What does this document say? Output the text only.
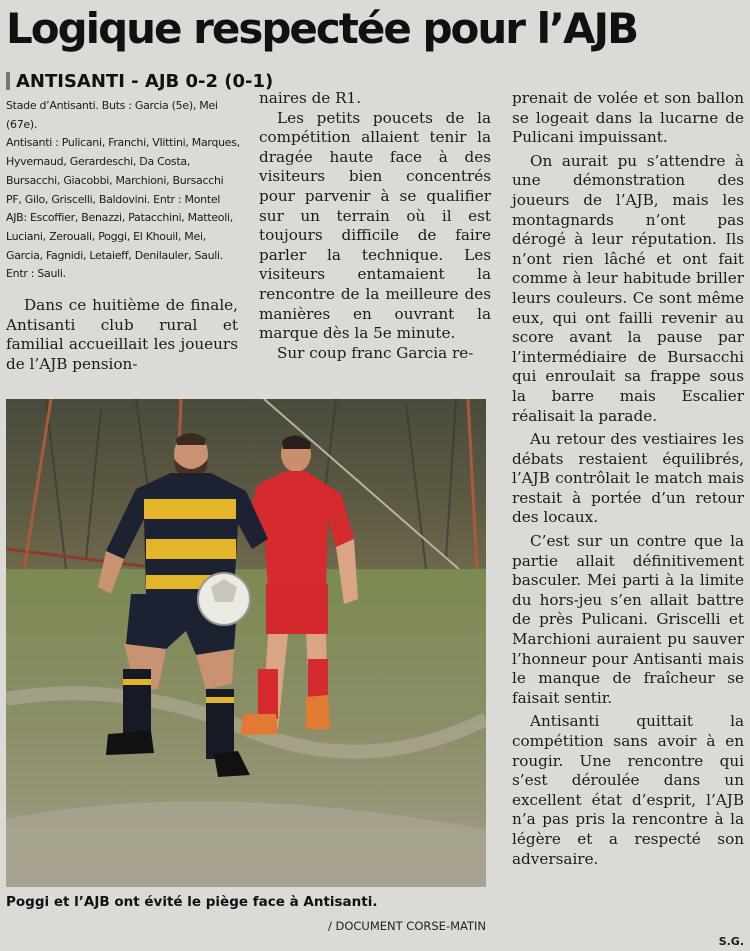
Logique respectée pour l’AJB
ANTISANTI - AJB 0-2 (0-1)

Stade d’Antisanti. Buts : Garcia (5e), Mei (67e).

Antisanti : Pulicani, Franchi, VIittini, Marques, Hyvernaud, Gerardeschi, Da Costa, Bursacchi, Giacobbi, Marchioni, Bursacchi PF, Gilo, Griscelli, Baldovini. Entr : Montel

AJB: Escoffier, Benazzi, Patacchini, Matteoli, Luciani, Zerouali, Poggi, El Khouil, Mei, Garcia, Fagnidi, Letaieff, Denilauler, Sauli. Entr : Sauli.

Dans ce huitième de finale, Antisanti club rural et familial accueillait les joueurs de l’AJB pension-

naires de R1.

Les petits poucets de la compétition allaient tenir la dragée haute face à des visiteurs bien concentrés pour parvenir à se qualifier sur un terrain où il est toujours difficile de faire parler la technique. Les visiteurs entamaient la rencontre de la meilleure des manières en ouvrant la marque dès la 5e minute.

Sur coup franc Garcia re-

prenait de volée et son ballon se logeait dans la lucarne de Pulicani impuissant.

On aurait pu s’attendre à une démonstration des joueurs de l’AJB, mais les montagnards n’ont pas dérogé à leur réputation. Ils n’ont rien lâché et ont fait comme à leur habitude briller leurs couleurs. Ce sont même eux, qui ont failli revenir au score avant la pause par l’intermédiaire de Bursacchi qui enroulait sa frappe sous la barre mais Escalier réalisait la parade.

Au retour des vestiaires les débats restaient équilibrés, l’AJB contrôlait le match mais restait à portée d’un retour des locaux.

C’est sur un contre que la partie allait définitivement basculer. Mei parti à la limite du hors-jeu s’en allait battre de près Pulicani. Griscelli et Marchioni auraient pu sauver l’honneur pour Antisanti mais le manque de fraîcheur se faisait sentir.

Antisanti quittait la compétition sans avoir à en rougir. Une rencontre qui s’est déroulée dans un excellent état d’esprit, l’AJB n’a pas pris la rencontre à la légère et a respecté son adversaire.

Poggi et l’AJB ont évité le piège face à Antisanti.
/ DOCUMENT CORSE-MATIN
S.G.
